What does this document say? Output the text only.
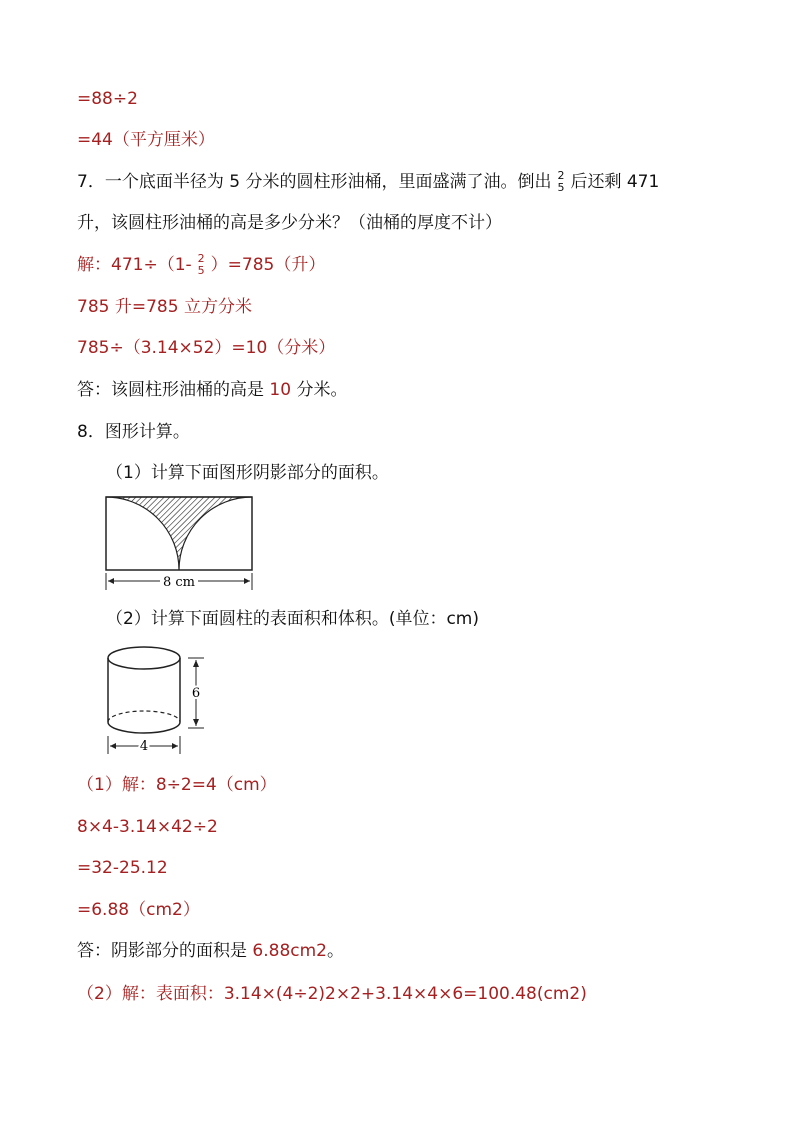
=88÷2
=44（平方厘米）
7．一个底面半径为 5 分米的圆柱形油桶，里面盛满了油。倒出 2
5 后还剩 471
升，该圆柱形油桶的高是多少分米？（油桶的厚度不计）
解：471÷（1- 2
5 ）=785（升）
785 升=785 立方分米
785÷（3.14×52）=10（分米）
答：该圆柱形油桶的高是 10 分米。
8．图形计算。
（1）计算下面图形阴影部分的面积。
8 cm
（2）计算下面圆柱的表面积和体积。(单位：cm)
6
4
（1）解：8÷2=4（cm）
8×4-3.14×42÷2
=32-25.12
=6.88（cm2）
答：阴影部分的面积是 6.88cm2。
（2）解：表面积：3.14×(4÷2)2×2+3.14×4×6=100.48(cm2)
